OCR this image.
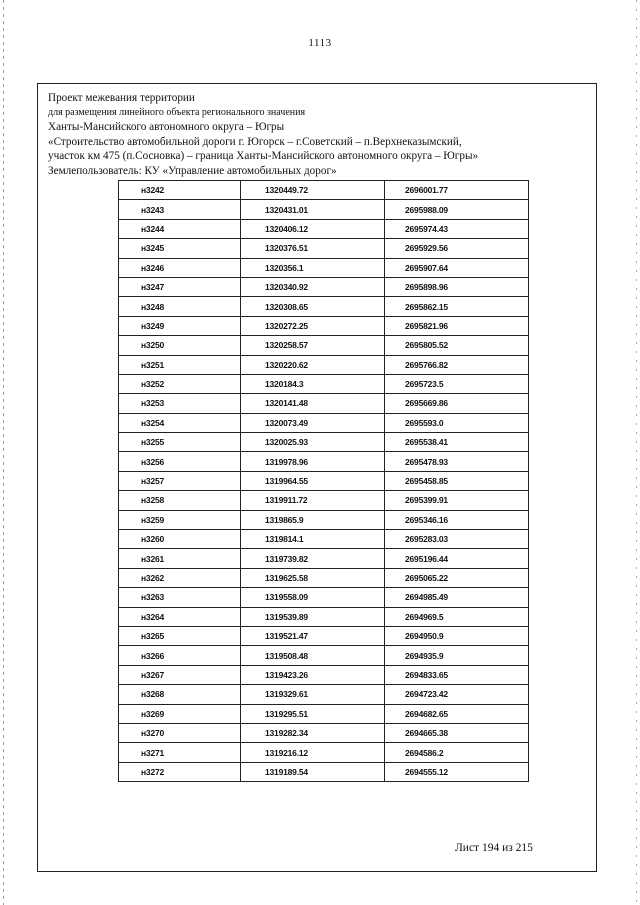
1113
Проект межевания территории
для размещения линейного объекта регионального значения
Ханты-Мансийского автономного округа – Югры
«Строительство автомобильной дороги г. Югорск – г.Советский – п.Верхнеказымский,
участок км 475 (п.Сосновка) – граница Ханты-Мансийского автономного округа – Югры»
Землепользователь: КУ «Управление автомобильных дорог»
н3242	1320449.72	2696001.77
н3243	1320431.01	2695988.09
н3244	1320406.12	2695974.43
н3245	1320376.51	2695929.56
н3246	1320356.1	2695907.64
н3247	1320340.92	2695898.96
н3248	1320308.65	2695862.15
н3249	1320272.25	2695821.96
н3250	1320258.57	2695805.52
н3251	1320220.62	2695766.82
н3252	1320184.3	2695723.5
н3253	1320141.48	2695669.86
н3254	1320073.49	2695593.0
н3255	1320025.93	2695538.41
н3256	1319978.96	2695478.93
н3257	1319964.55	2695458.85
н3258	1319911.72	2695399.91
н3259	1319865.9	2695346.16
н3260	1319814.1	2695283.03
н3261	1319739.82	2695196.44
н3262	1319625.58	2695065.22
н3263	1319558.09	2694985.49
н3264	1319539.89	2694969.5
н3265	1319521.47	2694950.9
н3266	1319508.48	2694935.9
н3267	1319423.26	2694833.65
н3268	1319329.61	2694723.42
н3269	1319295.51	2694682.65
н3270	1319282.34	2694665.38
н3271	1319216.12	2694586.2
н3272	1319189.54	2694555.12
Лист 194 из 215
